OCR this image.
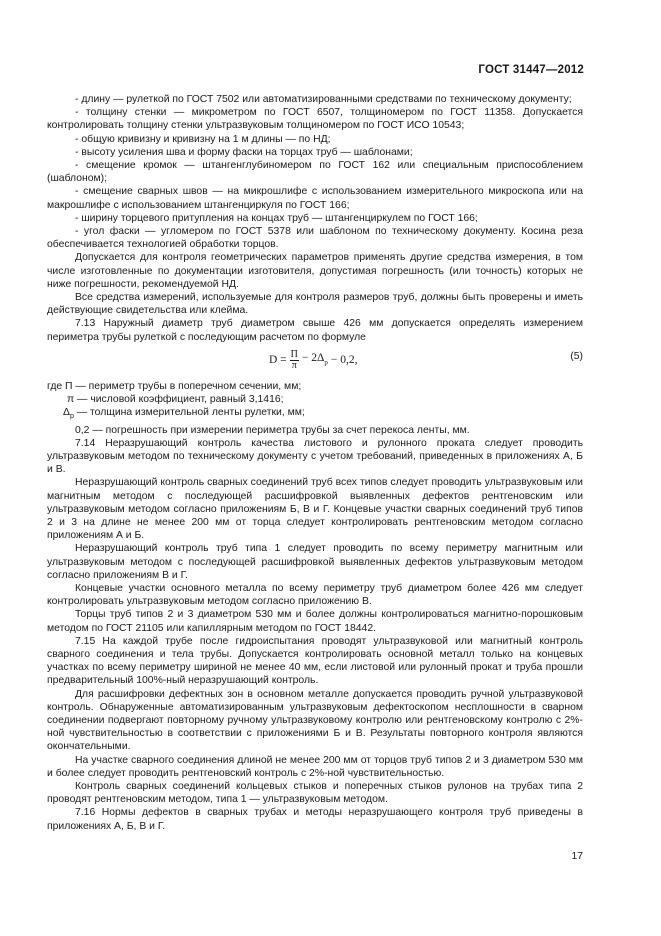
ГОСТ 31447—2012

- длину — рулеткой по ГОСТ 7502 или автоматизированными средствами по техническому документу;

- толщину стенки — микрометром по ГОСТ 6507, толщиномером по ГОСТ 11358. Допускается контролировать толщину стенки ультразвуковым толщиномером по ГОСТ ИСО 10543;

- общую кривизну и кривизну на 1 м длины — по НД;

- высоту усиления шва и форму фаски на торцах труб — шаблонами;

- смещение кромок — штангенглубиномером по ГОСТ 162 или специальным приспособлением (шаблоном);

- смещение сварных швов — на микрошлифе с использованием измерительного микроскопа или на макрошлифе с использованием штангенциркуля по ГОСТ 166;

- ширину торцевого притупления на концах труб — штангенциркулем по ГОСТ 166;

- угол фаски — угломером по ГОСТ 5378 или шаблоном по техническому документу. Косина реза обеспечивается технологией обработки торцов.

Допускается для контроля геометрических параметров применять другие средства измерения, в том числе изготовленные по документации изготовителя, допустимая погрешность (или точность) которых не ниже погрешности, рекомендуемой НД.

Все средства измерений, используемые для контроля размеров труб, должны быть проверены и иметь действующие свидетельства или клейма.

7.13 Наружный диаметр труб диаметром свыше 426 мм допускается определять измерением периметра трубы рулеткой с последующим расчетом по формуле

$D = \frac{П}{\pi} - 2\Delta_р - 0,2$,	(5)

где П — периметр трубы в поперечном сечении, мм;

π — числовой коэффициент, равный 3,1416;

$\Delta_р$ — толщина измерительной ленты рулетки, мм;

0,2 — погрешность при измерении периметра трубы за счет перекоса ленты, мм.

7.14 Неразрушающий контроль качества листового и рулонного проката следует проводить ультразвуковым методом по техническому документу с учетом требований, приведенных в приложениях А, Б и В.

Неразрушающий контроль сварных соединений труб всех типов следует проводить ультразвуковым или магнитным методом с последующей расшифровкой выявленных дефектов рентгеновским или ультразвуковым методом согласно приложениям Б, В и Г. Концевые участки сварных соединений труб типов 2 и 3 на длине не менее 200 мм от торца следует контролировать рентгеновским методом согласно приложениям А и Б.

Неразрушающий контроль труб типа 1 следует проводить по всему периметру магнитным или ультразвуковым методом с последующей расшифровкой выявленных дефектов ультразвуковым методом согласно приложениям В и Г.

Концевые участки основного металла по всему периметру труб диаметром более 426 мм следует контролировать ультразвуковым методом согласно приложению В.

Торцы труб типов 2 и 3 диаметром 530 мм и более должны контролироваться магнитно-порошковым методом по ГОСТ 21105 или капиллярным методом по ГОСТ 18442.

7.15 На каждой трубе после гидроиспытания проводят ультразвуковой или магнитный контроль сварного соединения и тела трубы. Допускается контролировать основной металл только на концевых участках по всему периметру шириной не менее 40 мм, если листовой или рулонный прокат и труба прошли предварительный 100%-ный неразрушающий контроль.

Для расшифровки дефектных зон в основном металле допускается проводить ручной ультразвуковой контроль. Обнаруженные автоматизированным ультразвуковым дефектоскопом несплошности в сварном соединении подвергают повторному ручному ультразвуковому контролю или рентгеновскому контролю с 2%-ной чувствительностью в соответствии с приложениями Б и В. Результаты повторного контроля являются окончательными.

На участке сварного соединения длиной не менее 200 мм от торцов труб типов 2 и 3 диаметром 530 мм и более следует проводить рентгеновский контроль с 2%-ной чувствительностью.

Контроль сварных соединений кольцевых стыков и поперечных стыков рулонов на трубах типа 2 проводят рентгеновским методом, типа 1 — ультразвуковым методом.

7.16 Нормы дефектов в сварных трубах и методы неразрушающего контроля труб приведены в приложениях А, Б, В и Г.

17
